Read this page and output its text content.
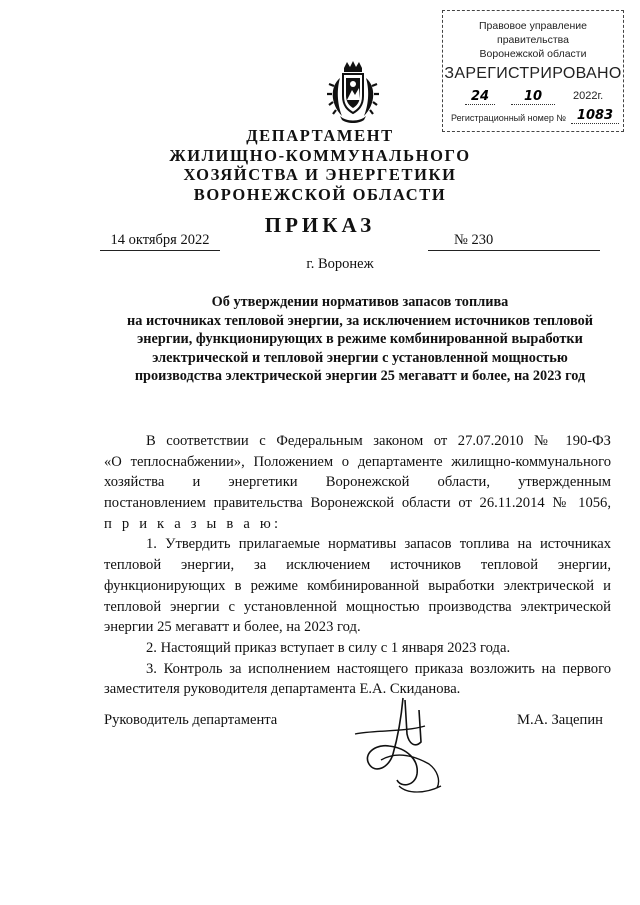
Правовое управление правительства
Воронежской области
ЗАРЕГИСТРИРОВАНО
24	10	2022г.
Регистрационный номер № 1083
ДЕПАРТАМЕНТ
ЖИЛИЩНО-КОММУНАЛЬНОГО
ХОЗЯЙСТВА И ЭНЕРГЕТИКИ
ВОРОНЕЖСКОЙ ОБЛАСТИ
ПРИКАЗ
14 октября 2022	№ 230
г. Воронеж
Об утверждении нормативов запасов топлива
на источниках тепловой энергии, за исключением источников тепловой
энергии, функционирующих в режиме комбинированной выработки
электрической и тепловой энергии с установленной мощностью
производства электрической энергии 25 мегаватт и более, на 2023 год
В соответствии с Федеральным законом от 27.07.2010 № 190-ФЗ
«О теплоснабжении», Положением о департаменте жилищно-коммунального
хозяйства и энергетики Воронежской области, утвержденным
постановлением правительства Воронежской области от 26.11.2014 № 1056,
п р и к а з ы в а ю:
1. Утвердить прилагаемые нормативы запасов топлива на источниках
тепловой энергии, за исключением источников тепловой энергии,
функционирующих в режиме комбинированной выработки электрической и
тепловой энергии с установленной мощностью производства электрической
энергии 25 мегаватт и более, на 2023 год.
2. Настоящий приказ вступает в силу с 1 января 2023 года.
3. Контроль за исполнением настоящего приказа возложить на первого
заместителя руководителя департамента Е.А. Скиданова.
Руководитель департамента	М.А. Зацепин
